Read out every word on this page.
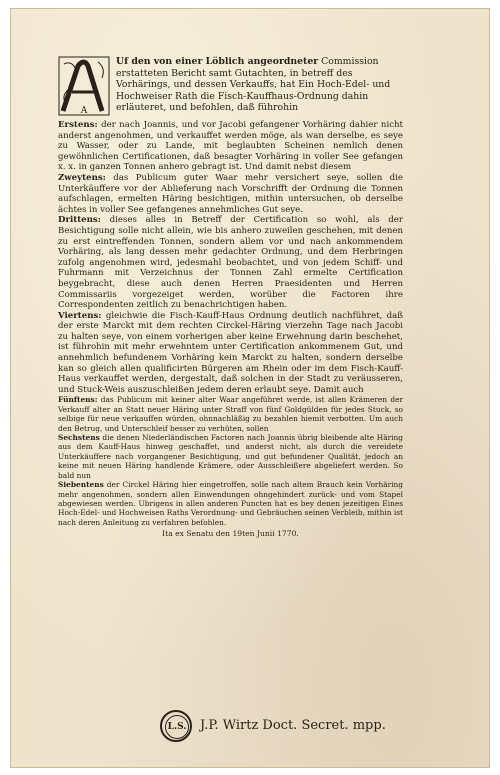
A
Uf den von einer Löblich angeordneter Commission erstatteten Bericht samt Gutachten, in betreff des Vorhärings, und dessen Verkauffs, hat Ein Hoch-Edel- und Hochweiser Rath die Fisch-Kauffhaus-Ordnung dahin erläuteret, und befohlen, daß führohin

Erstens: der nach Joannis, und vor Jacobi gefangener Vorhäring dahier nicht anderst angenohmen, und verkauffet werden möge, als wan derselbe, es seye zu Wasser, oder zu Lande, mit beglaubten Scheinen nemlich denen gewöhnlichen Certificationen, daß besagter Vorhäring in voller See gefangen x. x. in ganzen Tonnen anhero gebragt ist. Und damit nebst diesem

Zweytens: das Publicum guter Waar mehr versichert seye, sollen die Unterkäuffere vor der Ablieferung nach Vorschrifft der Ordnung die Tonnen aufschlagen, ermelten Häring besichtigen, mithin untersuchen, ob derselbe ächtes in voller See gefangenes annehmliches Gut seye.

Drittens: dieses alles in Betreff der Certification so wohl, als der Besichtigung solle nicht allein, wie bis anhero zuweilen geschehen, mit denen zu erst eintreffenden Tonnen, sondern allem vor und nach ankommendem Vorhäring, als lang dessen mehr gedachter Ordnung, und dem Herbringen zufolg angenohmen wird, jedesmahl beobachtet, und von jedem Schiff- und Fuhrmann mit Verzeichnus der Tonnen Zahl ermelte Certification beygebracht, diese auch denen Herren Praesidenten und Herren Commissariis vorgezeiget werden, worüber die Factoren ihre Correspondenten zeitlich zu benachrichtigen haben.

Viertens: gleichwie die Fisch-Kauff-Haus Ordnung deutlich nachführet, daß der erste Marckt mit dem rechten Circkel-Häring vierzehn Tage nach Jacobi zu halten seye, von einem vorherigen aber keine Erwehnung darin beschehet, ist führohin mit mehr erwehntem unter Certification ankommenem Gut, und annehmlich befundenem Vorhäring kein Marckt zu halten, sondern derselbe kan so gleich allen qualificirten Bürgeren am Rhein oder im dem Fisch-Kauff-Haus verkauffet werden, dergestalt, daß solchen in der Stadt zu veräusseren, und Stuck-Weis auszuschleißen jedem deren erlaubt seye. Damit auch

Fünftens: das Publicum mit keiner alter Waar angeführet werde, ist allen Krämeren der Verkauff alter an Statt neuer Häring unter Straff von fünf Goldgülden für jedes Stuck, so selbige für neue verkauffen würden, ohnnachläßig zu bezahlen hiemit verbotten. Um auch den Betrug, und Unterschleif besser zu verhüten, sollen

Sechstens die denen Niederländischen Factoren nach Joannis übrig bleibende alte Häring aus dem Kauff-Haus hinweg geschaffet, und anderst nicht, als durch die vereidete Unterkäuffere nach vorgangener Besichtigung, und gut befundener Qualität, jedoch an keine mit neuen Häring handlende Krämere, oder Ausschleißere abgeliefert werden. So bald nun

Siebentens der Circkel Häring hier eingetroffen, solle nach altem Brauch kein Vorhäring mehr angenohmen, sondern allen Einwendungen ohngehindert zurück- und vom Stapel abgewiesen werden. Ubrigens in allen anderen Puncten hat es bey denen jezeitigen Eines Hoch-Edel- und Hochweisen Raths Verordnung- und Gebräuchen seinen Verbleib, mithin ist nach deren Anleitung zu verfahren befohlen.

Ita ex Senatu den 19ten Junii 1770.
L.S. J.P. Wirtz Doct. Secret. mpp.
